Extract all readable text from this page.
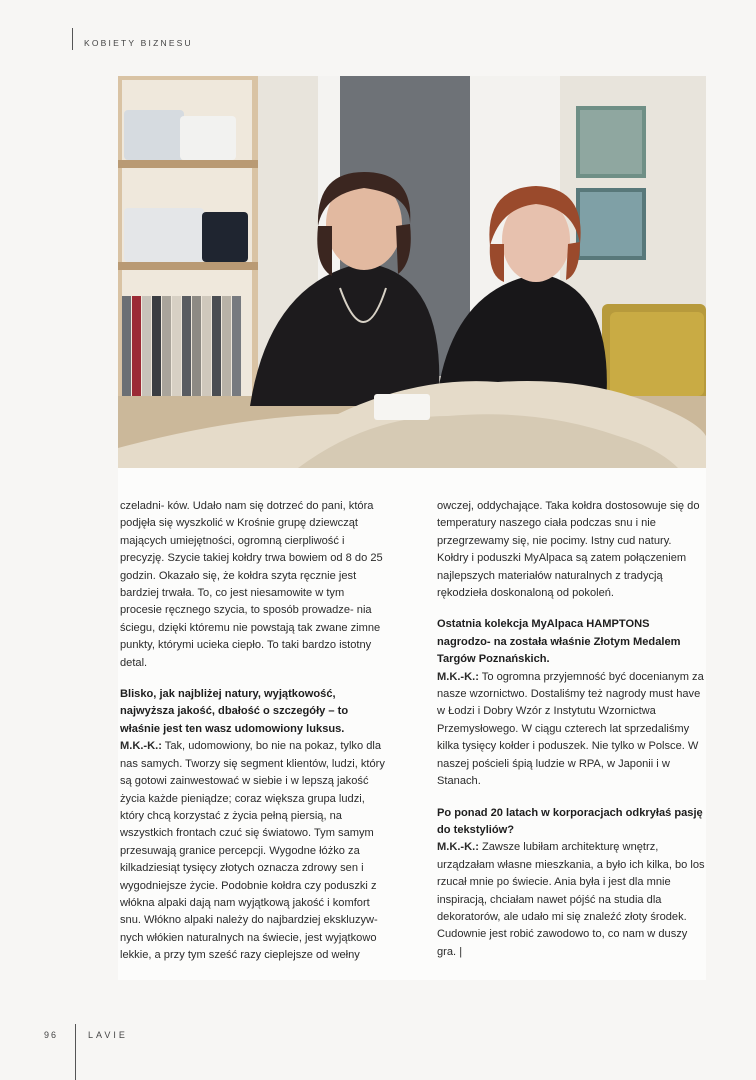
KOBIETY BIZNESU

czeladni- ków. Udało nam się dotrzeć do pani, która podjęła się wyszkolić w Krośnie grupę dziewcząt mających umiejętności, ogromną cierpliwość i precyzję. Szycie takiej kołdry trwa bowiem od 8 do 25 godzin. Okazało się, że kołdra szyta ręcznie jest bardziej trwała. To, co jest niesamowite w tym procesie ręcznego szycia, to sposób prowadze- nia ściegu, dzięki któremu nie powstają tak zwane zimne punkty, którymi ucieka ciepło. To taki bardzo istotny detal.

Blisko, jak najbliżej natury, wyjątkowość, najwyższa jakość, dbałość o szczegóły – to właśnie jest ten wasz udomowiony luksus.

M.K.-K.: Tak, udomowiony, bo nie na pokaz, tylko dla nas samych. Tworzy się segment klientów, ludzi, który są gotowi zainwestować w siebie i w lepszą jakość życia każde pieniądze; coraz większa grupa ludzi, który chcą korzystać z życia pełną piersią, na wszystkich frontach czuć się światowo. Tym samym przesuwają granice percepcji. Wygodne łóżko za kilkadziesiąt tysięcy złotych oznacza zdrowy sen i wygodniejsze życie. Podobnie kołdra czy poduszki z włókna alpaki dają nam wyjątkową jakość i komfort snu. Włókno alpaki należy do najbardziej ekskluzyw- nych włókien naturalnych na świecie, jest wyjątkowo lekkie, a przy tym sześć razy cieplejsze od wełny

owczej, oddychające. Taka kołdra dostosowuje się do temperatury naszego ciała podczas snu i nie przegrzewamy się, nie pocimy. Istny cud natury. Kołdry i poduszki MyAlpaca są zatem połączeniem najlepszych materiałów naturalnych z tradycją rękodzieła doskonaloną od pokoleń.

Ostatnia kolekcja MyAlpaca HAMPTONS nagrodzo- na została właśnie Złotym Medalem Targów Poznańskich.

M.K.-K.: To ogromna przyjemność być docenianym za nasze wzornictwo. Dostaliśmy też nagrody must have w Łodzi i Dobry Wzór z Instytutu Wzornictwa Przemysłowego. W ciągu czterech lat sprzedaliśmy kilka tysięcy kołder i poduszek. Nie tylko w Polsce. W naszej pościeli śpią ludzie w RPA, w Japonii i w Stanach.

Po ponad 20 latach w korporacjach odkryłaś pasję do tekstyliów?

M.K.-K.: Zawsze lubiłam architekturę wnętrz, urządzałam własne mieszkania, a było ich kilka, bo los rzucał mnie po świecie. Ania była i jest dla mnie inspiracją, chciałam nawet pójść na studia dla dekoratorów, ale udało mi się znaleźć złoty środek. Cudownie jest robić zawodowo to, co nam w duszy gra. |

96	LAVIE
